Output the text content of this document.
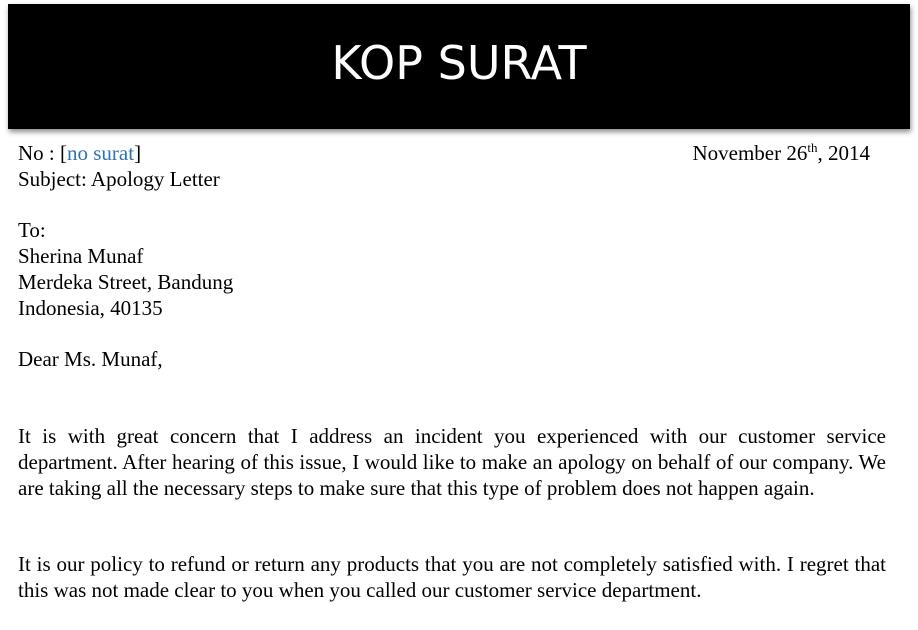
KOP SURAT
No : [no surat]	November 26th, 2014
Subject: Apology Letter
To:
Sherina Munaf
Merdeka Street, Bandung
Indonesia, 40135
Dear Ms. Munaf,
It is with great concern that I address an incident you experienced with our customer service department. After hearing of this issue, I would like to make an apology on behalf of our company. We are taking all the necessary steps to make sure that this type of problem does not happen again.
It is our policy to refund or return any products that you are not completely satisfied with. I regret that this was not made clear to you when you called our customer service department.
